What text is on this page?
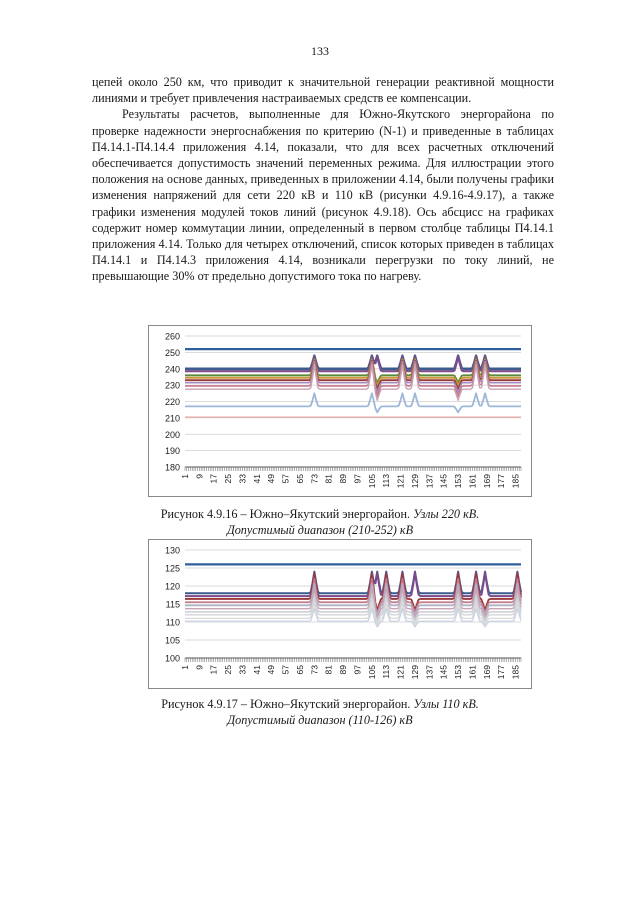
133

цепей около 250 км, что приводит к значительной генерации реактивной мощности линиями и требует привлечения настраиваемых средств ее компенсации.

Результаты расчетов, выполненные для Южно-Якутского энергорайона по проверке надежности энергоснабжения по критерию (N-1) и приведенные в таблицах П4.14.1-П4.14.4 приложения 4.14, показали, что для всех расчетных отключений обеспечивается допустимость значений переменных режима. Для иллюстрации этого положения на основе данных, приведенных в приложении 4.14, были получены графики изменения напряжений для сети 220 кВ и 110 кВ (рисунки 4.9.16-4.9.17), а также графики изменения модулей токов линий (рисунок 4.9.18). Ось абсцисс на графиках содержит номер коммутации линии, определенный в первом столбце таблицы П4.14.1 приложения 4.14. Только для четырех отключений, список которых приведен в таблицах П4.14.1 и П4.14.3 приложения 4.14, возникали перегрузки по току линий, не превышающие 30% от предельно допустимого тока по нагреву.

180
190
200
210
220
230
240
250
260
1 9 17 25 33 41 49 57 65 73 81 89 97 105 113 121 129 137 145 153 161 169 177 185
Рисунок 4.9.16 – Южно–Якутский энергорайон. Узлы 220 кВ.
Допустимый диапазон (210-252) кВ
100
105
110
115
120
125
130
1 9 17 25 33 41 49 57 65 73 81 89 97 105 113 121 129 137 145 153 161 169 177 185
Рисунок 4.9.17 – Южно–Якутский энергорайон. Узлы 110 кВ.
Допустимый диапазон (110-126) кВ
